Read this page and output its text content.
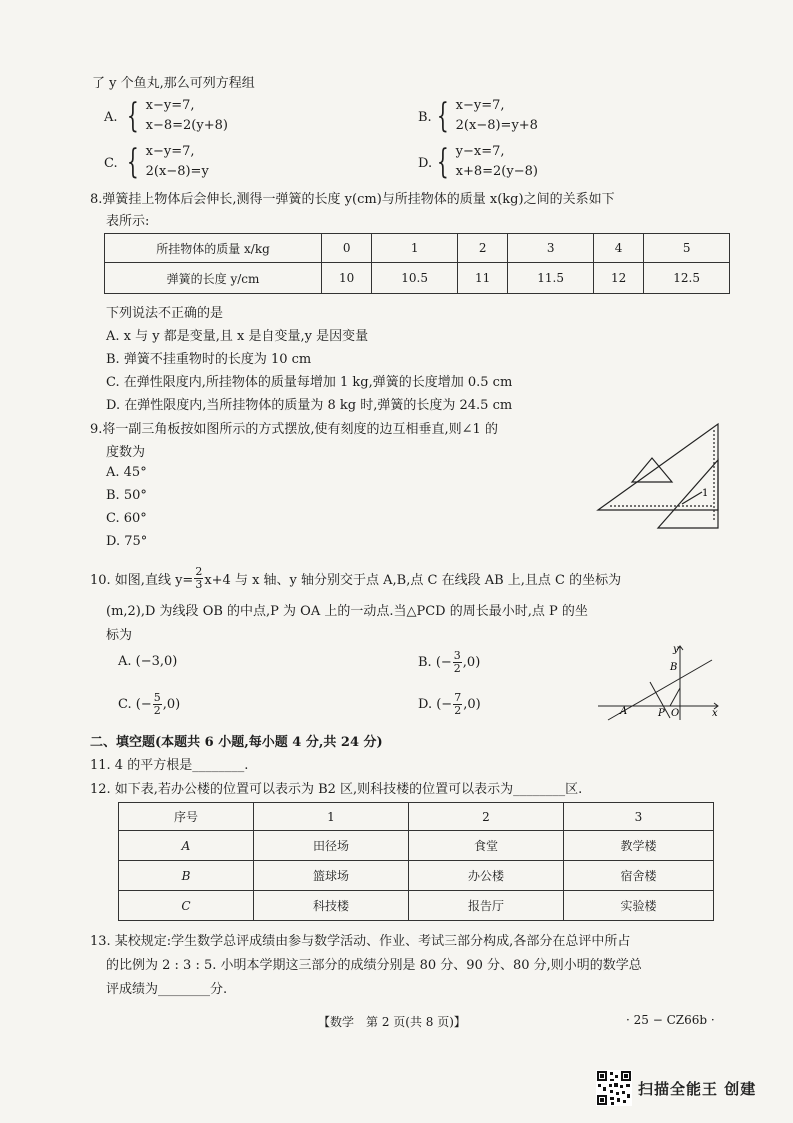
了 y 个鱼丸,那么可列方程组
A. { x−y=7,
x−8=2(y+8)
B. { x−y=7,
2(x−8)=y+8
C. { x−y=7,
2(x−8)=y
D. { y−x=7,
x+8=2(y−8)
8.弹簧挂上物体后会伸长,测得一弹簧的长度 y(cm)与所挂物体的质量 x(kg)之间的关系如下
表所示:
所挂物体的质量 x/kg	0	1	2	3	4	5
弹簧的长度 y/cm	10	10.5	11	11.5	12	12.5
下列说法不正确的是
A. x 与 y 都是变量,且 x 是自变量,y 是因变量
B. 弹簧不挂重物时的长度为 10 cm
C. 在弹性限度内,所挂物体的质量每增加 1 kg,弹簧的长度增加 0.5 cm
D. 在弹性限度内,当所挂物体的质量为 8 kg 时,弹簧的长度为 24.5 cm
9.将一副三角板按如图所示的方式摆放,使有刻度的边互相垂直,则∠1 的
度数为
A. 45°
B. 50°
C. 60°
D. 75°
1
10. 如图,直线 $y= \frac{2}{3} x+4$ 与 x 轴、y 轴分别交于点 A,B,点 C 在线段 AB 上,且点 C 的坐标为
(m,2),D 为线段 OB 的中点,P 为 OA 上的一动点.当△PCD 的周长最小时,点 P 的坐
标为
A. (−3,0)	B. (− $\frac{3}{2} ,0$)
C. (− $\frac{5}{2} ,0$)	D. (− $\frac{7}{2} ,0$)
y
x
B
A	P O
二、填空题(本题共 6 小题,每小题 4 分,共 24 分)
11. 4 的平方根是________.
12. 如下表,若办公楼的位置可以表示为 B2 区,则科技楼的位置可以表示为________区.
序号	1	2	3
A	田径场	食堂	教学楼
B	篮球场	办公楼	宿舍楼
C	科技楼	报告厅	实验楼
13. 某校规定:学生数学总评成绩由参与数学活动、作业、考试三部分构成,各部分在总评中所占
的比例为 2 : 3 : 5. 小明本学期这三部分的成绩分别是 80 分、90 分、80 分,则小明的数学总
评成绩为________分.
【数学　第 2 页(共 8 页)】	· 25 − CZ66b ·
扫描全能王 创建
